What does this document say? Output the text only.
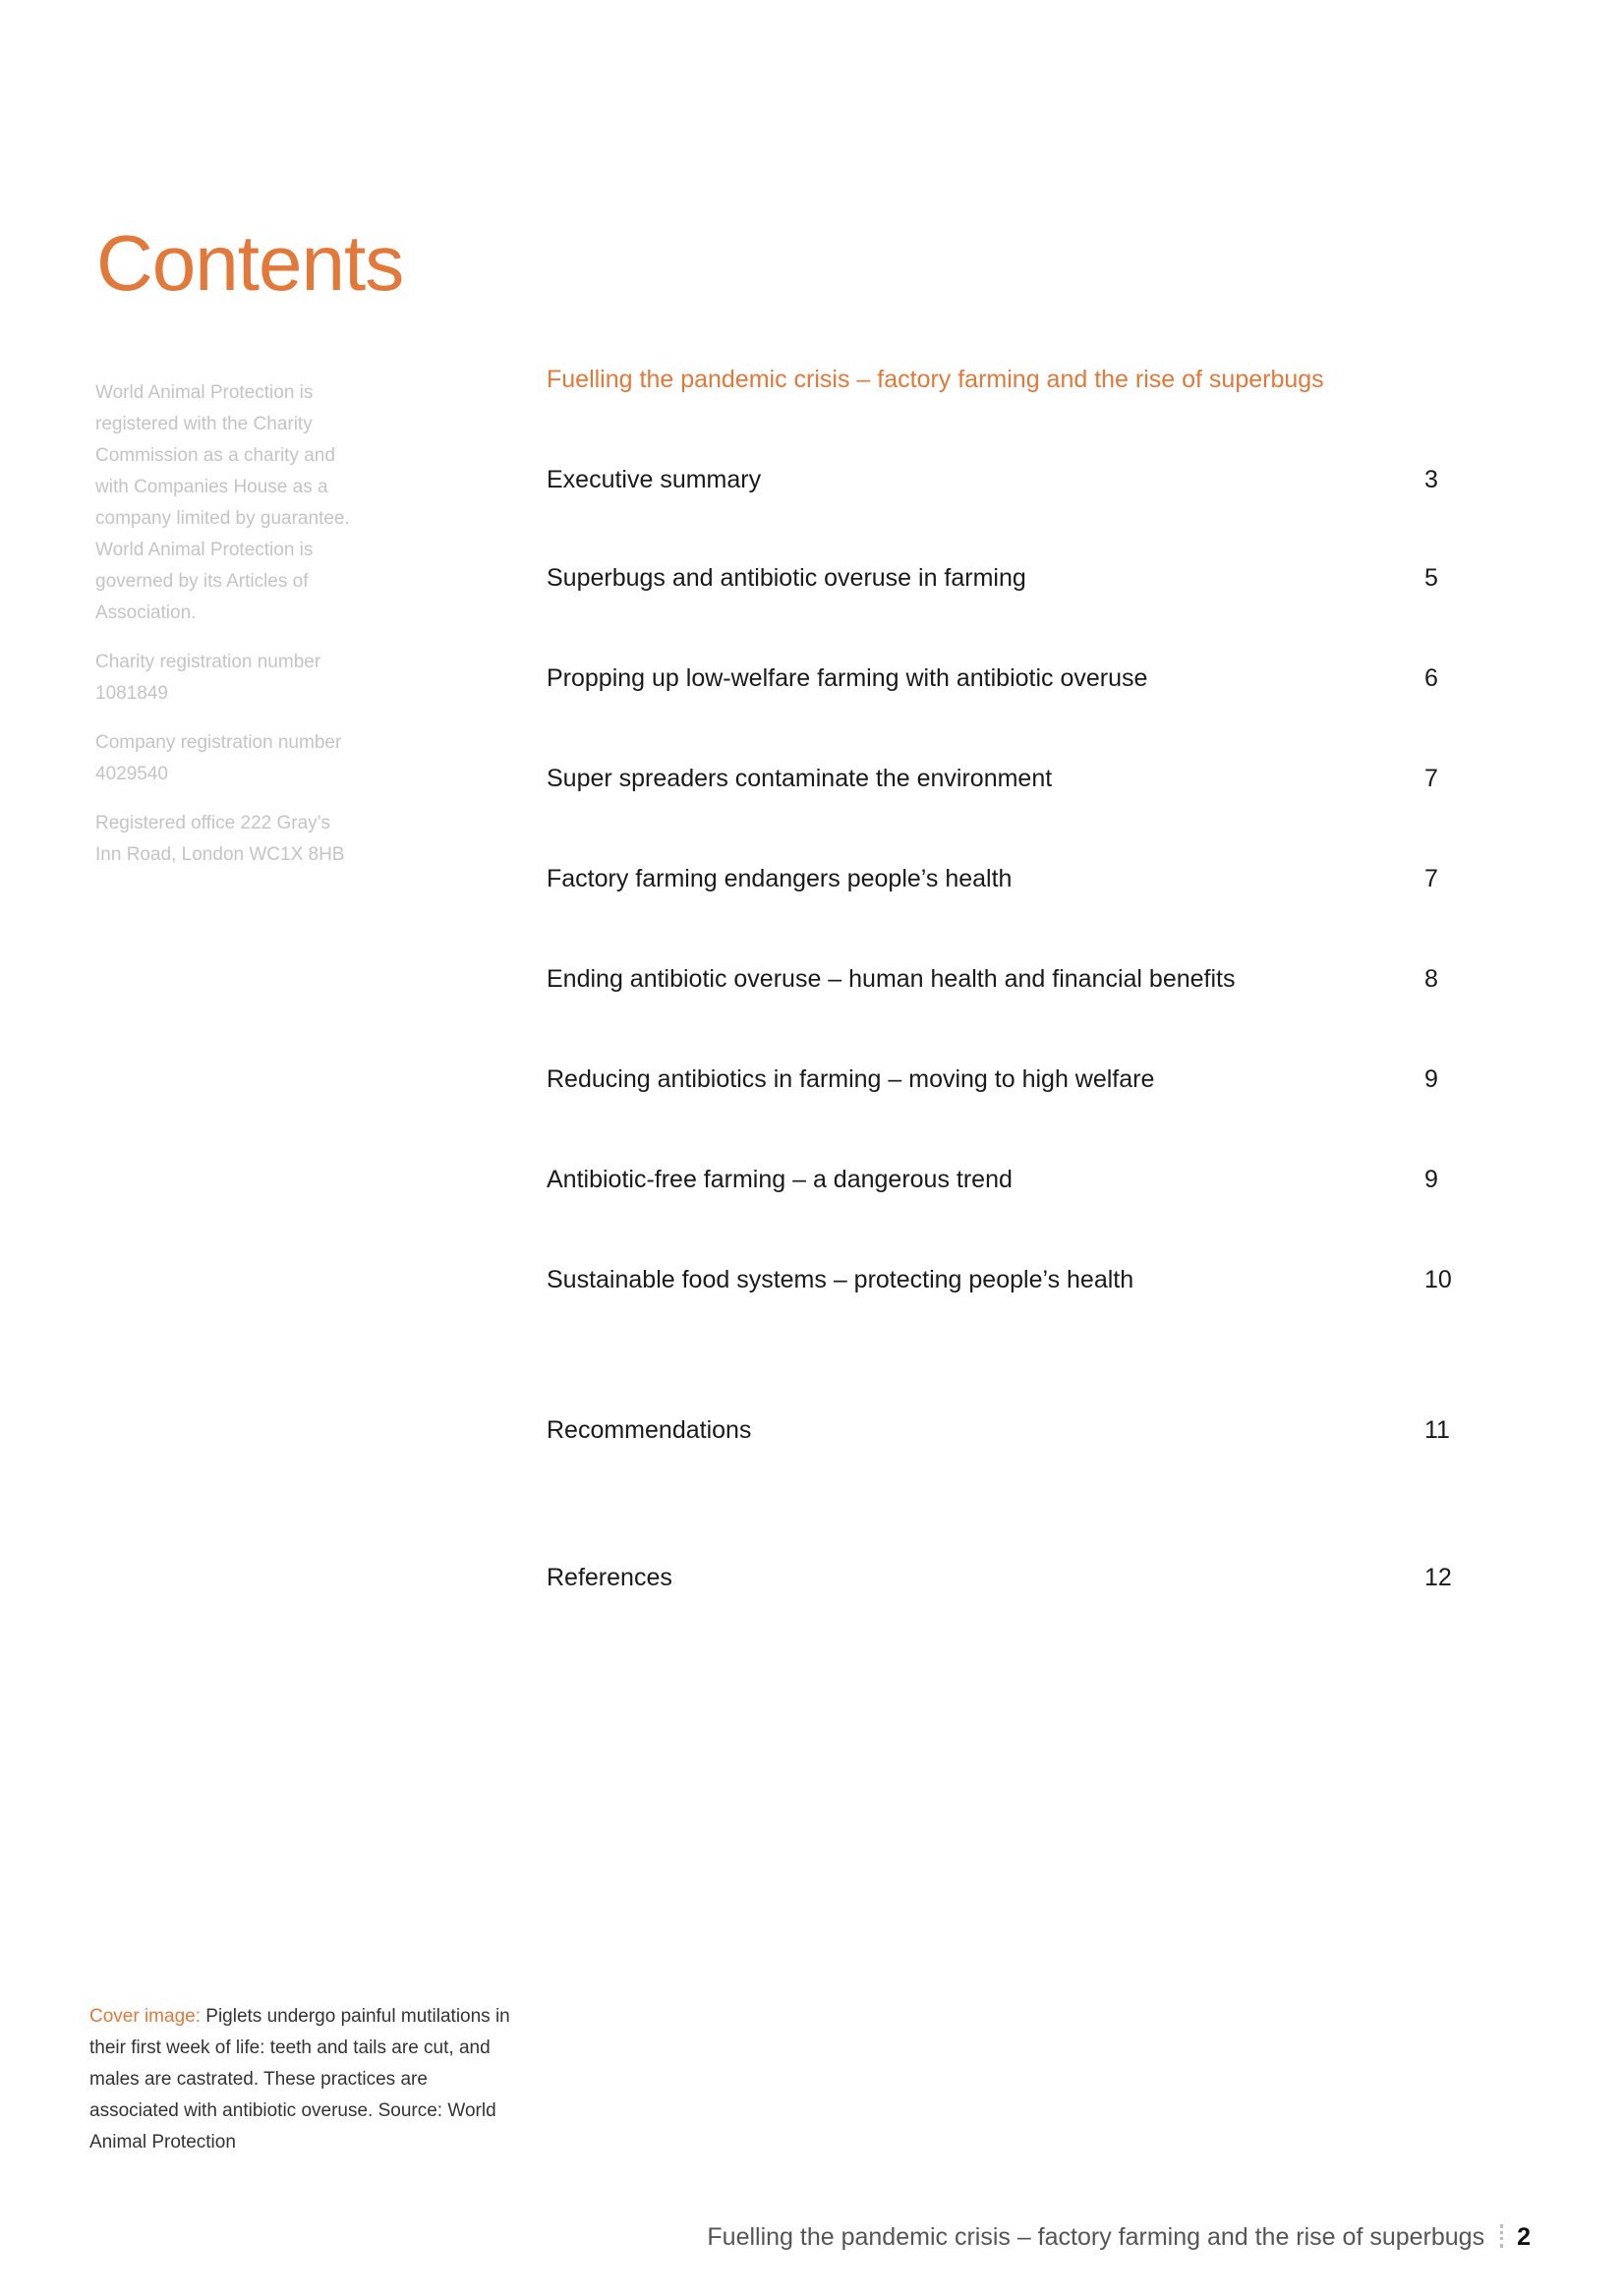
Contents

World Animal Protection is registered with the Charity Commission as a charity and with Companies House as a company limited by guarantee. World Animal Protection is governed by its Articles of Association.

Charity registration number 1081849

Company registration number 4029540

Registered office 222 Gray’s Inn Road, London WC1X 8HB

Fuelling the pandemic crisis – factory farming and the rise of superbugs
Executive summary	3
Superbugs and antibiotic overuse in farming	5
Propping up low-welfare farming with antibiotic overuse	6
Super spreaders contaminate the environment	7
Factory farming endangers people’s health	7
Ending antibiotic overuse – human health and financial benefits	8
Reducing antibiotics in farming – moving to high welfare	9
Antibiotic-free farming – a dangerous trend	9
Sustainable food systems – protecting people’s health	10
Recommendations	11
References	12
Cover image: Piglets undergo painful mutilations in their first week of life: teeth and tails are cut, and males are castrated. These practices are associated with antibiotic overuse. Source: World Animal Protection
Fuelling the pandemic crisis – factory farming and the rise of superbugs 2
